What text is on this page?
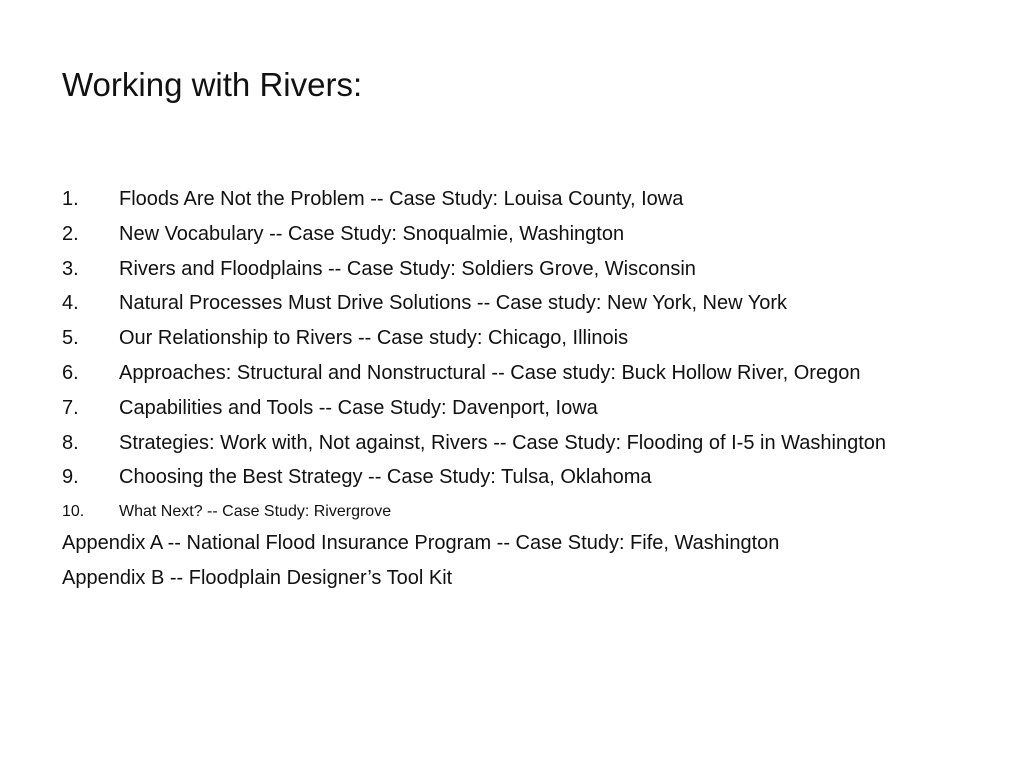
Working with Rivers:
1.	Floods Are Not the Problem -- Case Study: Louisa County, Iowa
2.	New Vocabulary -- Case Study: Snoqualmie, Washington
3.	Rivers and Floodplains -- Case Study: Soldiers Grove, Wisconsin
4.	Natural Processes Must Drive Solutions -- Case study: New York, New York
5.	Our Relationship to Rivers -- Case study: Chicago, Illinois
6.	Approaches: Structural and Nonstructural -- Case study: Buck Hollow River, Oregon
7.	Capabilities and Tools -- Case Study: Davenport, Iowa
8.	Strategies: Work with, Not against, Rivers -- Case Study: Flooding of I-5 in Washington
9.	Choosing the Best Strategy -- Case Study: Tulsa, Oklahoma
10.	What Next? -- Case Study: Rivergrove
Appendix A -- National Flood Insurance Program -- Case Study: Fife, Washington
Appendix B -- Floodplain Designer’s Tool Kit
